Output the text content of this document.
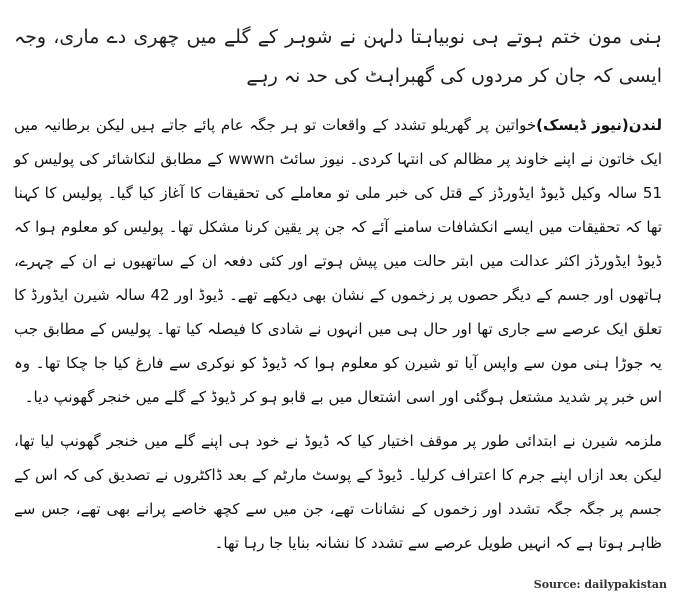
ہنی مون ختم ہوتے ہی نوبیاہتا دلہن نے شوہر کے گلے میں چھری دے ماری، وجہ ایسی کہ جان کر مردوں کی گھبراہٹ کی حد نہ رہے

لندن(نیوز ڈیسک)خواتین پر گھریلو تشدد کے واقعات تو ہر جگہ عام پائے جاتے ہیں لیکن برطانیہ میں ایک خاتون نے اپنے خاوند پر مظالم کی انتہا کردی۔ نیوز سائٹ wwwn کے مطابق لنکاشائر کی پولیس کو 51 سالہ وکیل ڈیوڈ ایڈورڈز کے قتل کی خبر ملی تو معاملے کی تحقیقات کا آغاز کیا گیا۔ پولیس کا کہنا تھا کہ تحقیقات میں ایسے انکشافات سامنے آئے کہ جن پر یقین کرنا مشکل تھا۔ پولیس کو معلوم ہوا کہ ڈیوڈ ایڈورڈز اکثر عدالت میں ابتر حالت میں پیش ہوتے اور کئی دفعہ ان کے ساتھیوں نے ان کے چہرے، ہاتھوں اور جسم کے دیگر حصوں پر زخموں کے نشان بھی دیکھے تھے۔ ڈیوڈ اور 42 سالہ شیرن ایڈورڈ کا تعلق ایک عرصے سے جاری تھا اور حال ہی میں انہوں نے شادی کا فیصلہ کیا تھا۔ پولیس کے مطابق جب یہ جوڑا ہنی مون سے واپس آیا تو شیرن کو معلوم ہوا کہ ڈیوڈ کو نوکری سے فارغ کیا جا چکا تھا۔ وہ اس خبر پر شدید مشتعل ہوگئی اور اسی اشتعال میں بے قابو ہو کر ڈیوڈ کے گلے میں خنجر گھونپ دیا۔

ملزمہ شیرن نے ابتدائی طور پر موقف اختیار کیا کہ ڈیوڈ نے خود ہی اپنے گلے میں خنجر گھونپ لیا تھا، لیکن بعد ازاں اپنے جرم کا اعتراف کرلیا۔ ڈیوڈ کے پوسٹ مارٹم کے بعد ڈاکٹروں نے تصدیق کی کہ اس کے جسم پر جگہ جگہ تشدد اور زخموں کے نشانات تھے، جن میں سے کچھ خاصے پرانے بھی تھے، جس سے ظاہر ہوتا ہے کہ انہیں طویل عرصے سے تشدد کا نشانہ بنایا جا رہا تھا۔

Source: dailypakistan
